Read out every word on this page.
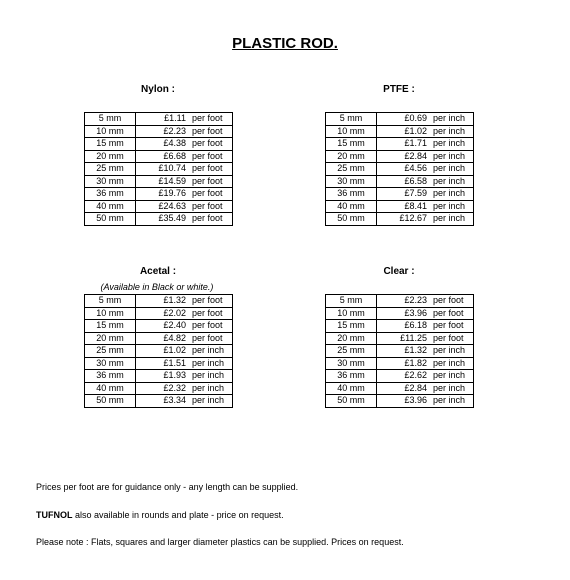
PLASTIC ROD.
Nylon :
5 mm	£1.11 per foot
10 mm	£2.23 per foot
15 mm	£4.38 per foot
20 mm	£6.68 per foot
25 mm	£10.74 per foot
30 mm	£14.59 per foot
36 mm	£19.76 per foot
40 mm	£24.63 per foot
50 mm	£35.49 per foot
PTFE :
5 mm	£0.69 per inch
10 mm	£1.02 per inch
15 mm	£1.71 per inch
20 mm	£2.84 per inch
25 mm	£4.56 per inch
30 mm	£6.58 per inch
36 mm	£7.59 per inch
40 mm	£8.41 per inch
50 mm	£12.67 per inch
Acetal :
(Available in Black or white.)
5 mm	£1.32 per foot
10 mm	£2.02 per foot
15 mm	£2.40 per foot
20 mm	£4.82 per foot
25 mm	£1.02 per inch
30 mm	£1.51 per inch
36 mm	£1.93 per inch
40 mm	£2.32 per inch
50 mm	£3.34 per inch
Clear :
5 mm	£2.23 per foot
10 mm	£3.96 per foot
15 mm	£6.18 per foot
20 mm	£11.25 per foot
25 mm	£1.32 per inch
30 mm	£1.82 per inch
36 mm	£2.62 per inch
40 mm	£2.84 per inch
50 mm	£3.96 per inch
Prices per foot are for guidance only - any length can be supplied.
TUFNOL also available in rounds and plate - price on request.
Please note : Flats, squares and larger diameter plastics can be supplied. Prices on request.
